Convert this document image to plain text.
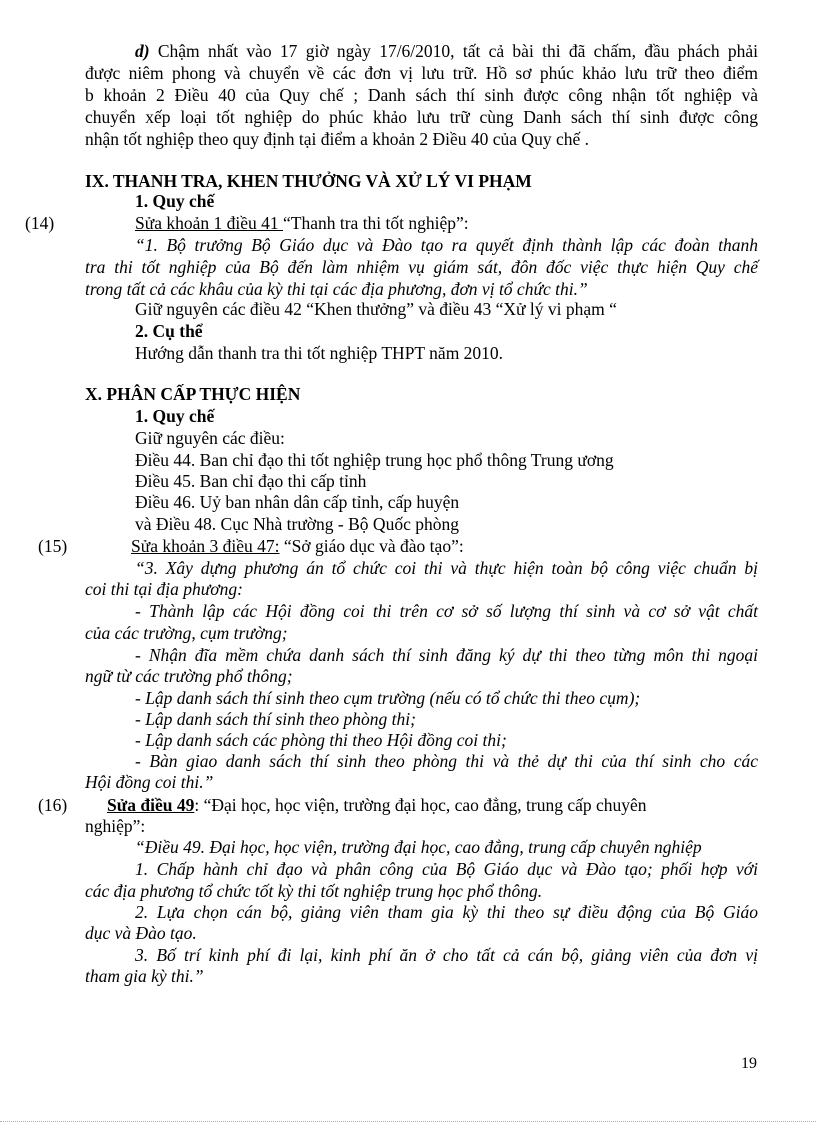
d) Chậm nhất vào 17 giờ ngày 17/6/2010, tất cả bài thi đã chấm, đầu phách phải
được niêm phong và chuyển về các đơn vị lưu trữ. Hồ sơ phúc khảo lưu trữ theo điểm
b khoản 2 Điều 40 của Quy chế ; Danh sách thí sinh được công nhận tốt nghiệp và
chuyển xếp loại tốt nghiệp do phúc khảo lưu trữ cùng Danh sách thí sinh được công
nhận tốt nghiệp theo quy định tại điểm a khoản 2 Điều 40 của Quy chế .
IX. THANH TRA, KHEN THƯỞNG VÀ XỬ LÝ VI PHẠM
1. Quy chế
(14)	Sửa khoản 1 điều 41 “Thanh tra thi tốt nghiệp”:
“1. Bộ trưởng Bộ Giáo dục và Đào tạo ra quyết định thành lập các đoàn thanh
tra thi tốt nghiệp của Bộ đến làm nhiệm vụ giám sát, đôn đốc việc thực hiện Quy chế
trong tất cả các khâu của kỳ thi tại các địa phương, đơn vị tổ chức thi.”
Giữ nguyên các điều 42 “Khen thưởng” và điều 43 “Xử lý vi phạm “
2. Cụ thể
Hướng dẫn thanh tra thi tốt nghiệp THPT năm 2010.
X. PHÂN CẤP THỰC HIỆN
1. Quy chế
Giữ nguyên các điều:
Điều 44. Ban chỉ đạo thi tốt nghiệp trung học phổ thông Trung ương
Điều 45. Ban chỉ đạo thi cấp tỉnh
Điều 46. Uỷ ban nhân dân cấp tỉnh, cấp huyện
và Điều 48. Cục Nhà trường - Bộ Quốc phòng
(15)	Sửa khoản 3 điều 47: “Sở giáo dục và đào tạo”:
“3. Xây dựng phương án tổ chức coi thi và thực hiện toàn bộ công việc chuẩn bị
coi thi tại địa phương:
- Thành lập các Hội đồng coi thi trên cơ sở số lượng thí sinh và cơ sở vật chất
của các trường, cụm trường;
- Nhận đĩa mềm chứa danh sách thí sinh đăng ký dự thi theo từng môn thi ngoại
ngữ từ các trường phổ thông;
- Lập danh sách thí sinh theo cụm trường (nếu có tổ chức thi theo cụm);
- Lập danh sách thí sinh theo phòng thi;
- Lập danh sách các phòng thi theo Hội đồng coi thi;
- Bàn giao danh sách thí sinh theo phòng thi và thẻ dự thi của thí sinh cho các
Hội đồng coi thi.”
(16) Sửa điều 49: “Đại học, học viện, trường đại học, cao đẳng, trung cấp chuyên
nghiệp”:
“Điều 49. Đại học, học viện, trường đại học, cao đẳng, trung cấp chuyên nghiệp
1. Chấp hành chỉ đạo và phân công của Bộ Giáo dục và Đào tạo; phối hợp với
các địa phương tổ chức tốt kỳ thi tốt nghiệp trung học phổ thông.
2. Lựa chọn cán bộ, giảng viên tham gia kỳ thi theo sự điều động của Bộ Giáo
dục và Đào tạo.
3. Bố trí kinh phí đi lại, kinh phí ăn ở cho tất cả cán bộ, giảng viên của đơn vị
tham gia kỳ thi.”
19
